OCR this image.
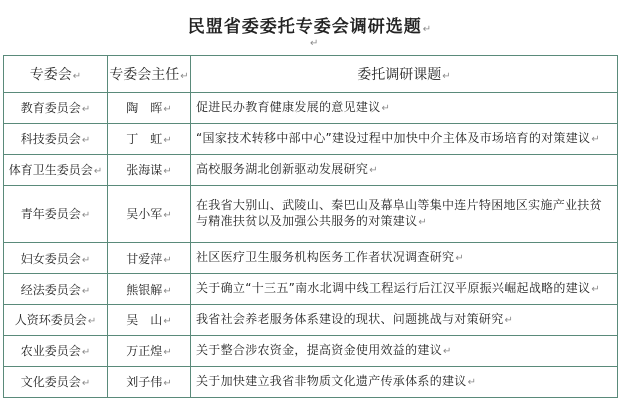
民盟省委委托专委会调研选题↵
↵
专委会↵	专委会主任↵	委托调研课题↵
教育委员会↵	陶　晖↵	促进民办教育健康发展的意见建议↵
科技委员会↵	丁　虹↵	“国家技术转移中部中心”建设过程中加快中介主体及市场培育的对策建议↵
体育卫生委员会↵	张海谋↵	高校服务湖北创新驱动发展研究↵
青年委员会↵	吴小军↵	在我省大别山、武陵山、秦巴山及幕阜山等集中连片特困地区实施产业扶贫与精准扶贫以及加强公共服务的对策建议↵
妇女委员会↵	甘爱萍↵	社区医疗卫生服务机构医务工作者状况调查研究↵
经法委员会↵	熊银解↵	关于确立“十三五”南水北调中线工程运行后江汉平原振兴崛起战略的建议↵
人资环委员会↵	吴　山↵	我省社会养老服务体系建设的现状、问题挑战与对策研究↵
农业委员会↵	万正煌↵	关于整合涉农资金，提高资金使用效益的建议↵
文化委员会↵	刘子伟↵	关于加快建立我省非物质文化遗产传承体系的建议↵
